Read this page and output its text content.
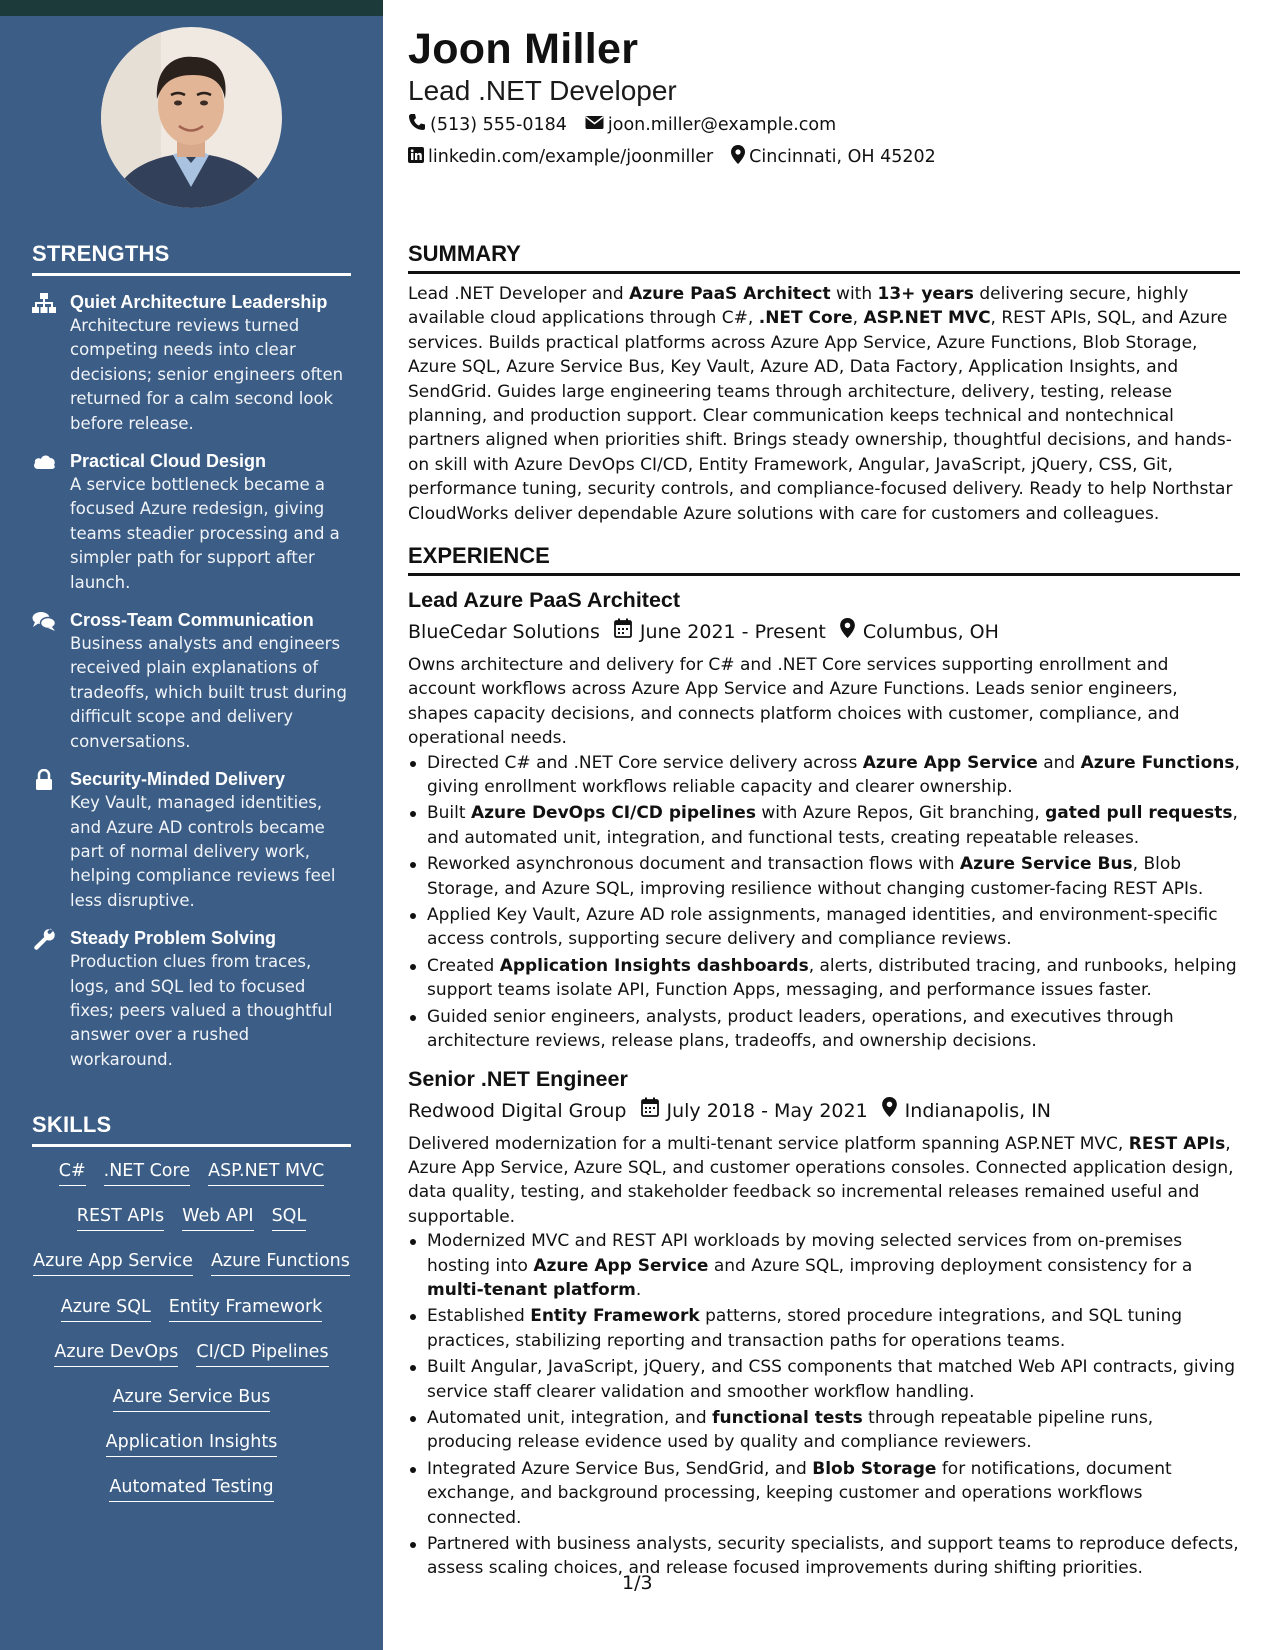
STRENGTHS
Quiet Architecture Leadership
Architecture reviews turned competing needs into clear decisions; senior engineers often returned for a calm second look before release.
Practical Cloud Design
A service bottleneck became a focused Azure redesign, giving teams steadier processing and a simpler path for support after launch.
Cross-Team Communication
Business analysts and engineers received plain explanations of tradeoffs, which built trust during difficult scope and delivery conversations.
Security-Minded Delivery
Key Vault, managed identities, and Azure AD controls became part of normal delivery work, helping compliance reviews feel less disruptive.
Steady Problem Solving
Production clues from traces, logs, and SQL led to focused fixes; peers valued a thoughtful answer over a rushed workaround.
SKILLS
C# .NET Core ASP.NET MVC
REST APIs Web API SQL
Azure App Service Azure Functions
Azure SQL Entity Framework
Azure DevOps CI/CD Pipelines
Azure Service Bus
Application Insights
Automated Testing
Joon Miller
Lead .NET Developer
(513) 555-0184 joon.miller@example.com
linkedin.com/example/joonmiller Cincinnati, OH 45202
SUMMARY
Lead .NET Developer and Azure PaaS Architect with 13+ years delivering secure, highly available cloud applications through C#, .NET Core, ASP.NET MVC, REST APIs, SQL, and Azure services. Builds practical platforms across Azure App Service, Azure Functions, Blob Storage, Azure SQL, Azure Service Bus, Key Vault, Azure AD, Data Factory, Application Insights, and SendGrid. Guides large engineering teams through architecture, delivery, testing, release planning, and production support. Clear communication keeps technical and nontechnical partners aligned when priorities shift. Brings steady ownership, thoughtful decisions, and hands-on skill with Azure DevOps CI/CD, Entity Framework, Angular, JavaScript, jQuery, CSS, Git, performance tuning, security controls, and compliance-focused delivery. Ready to help Northstar CloudWorks deliver dependable Azure solutions with care for customers and colleagues.
EXPERIENCE
Lead Azure PaaS Architect
BlueCedar Solutions June 2021 - Present Columbus, OH
Owns architecture and delivery for C# and .NET Core services supporting enrollment and account workflows across Azure App Service and Azure Functions. Leads senior engineers, shapes capacity decisions, and connects platform choices with customer, compliance, and operational needs.
Directed C# and .NET Core service delivery across Azure App Service and Azure Functions, giving enrollment workflows reliable capacity and clearer ownership.
Built Azure DevOps CI/CD pipelines with Azure Repos, Git branching, gated pull requests, and automated unit, integration, and functional tests, creating repeatable releases.
Reworked asynchronous document and transaction flows with Azure Service Bus, Blob Storage, and Azure SQL, improving resilience without changing customer-facing REST APIs.
Applied Key Vault, Azure AD role assignments, managed identities, and environment-specific access controls, supporting secure delivery and compliance reviews.
Created Application Insights dashboards, alerts, distributed tracing, and runbooks, helping support teams isolate API, Function Apps, messaging, and performance issues faster.
Guided senior engineers, analysts, product leaders, operations, and executives through architecture reviews, release plans, tradeoffs, and ownership decisions.
Senior .NET Engineer
Redwood Digital Group July 2018 - May 2021 Indianapolis, IN
Delivered modernization for a multi-tenant service platform spanning ASP.NET MVC, REST APIs, Azure App Service, Azure SQL, and customer operations consoles. Connected application design, data quality, testing, and stakeholder feedback so incremental releases remained useful and supportable.
Modernized MVC and REST API workloads by moving selected services from on-premises hosting into Azure App Service and Azure SQL, improving deployment consistency for a multi-tenant platform.
Established Entity Framework patterns, stored procedure integrations, and SQL tuning practices, stabilizing reporting and transaction paths for operations teams.
Built Angular, JavaScript, jQuery, and CSS components that matched Web API contracts, giving service staff clearer validation and smoother workflow handling.
Automated unit, integration, and functional tests through repeatable pipeline runs, producing release evidence used by quality and compliance reviewers.
Integrated Azure Service Bus, SendGrid, and Blob Storage for notifications, document exchange, and background processing, keeping customer and operations workflows connected.
Partnered with business analysts, security specialists, and support teams to reproduce defects, assess scaling choices, and release focused improvements during shifting priorities.
1/3
